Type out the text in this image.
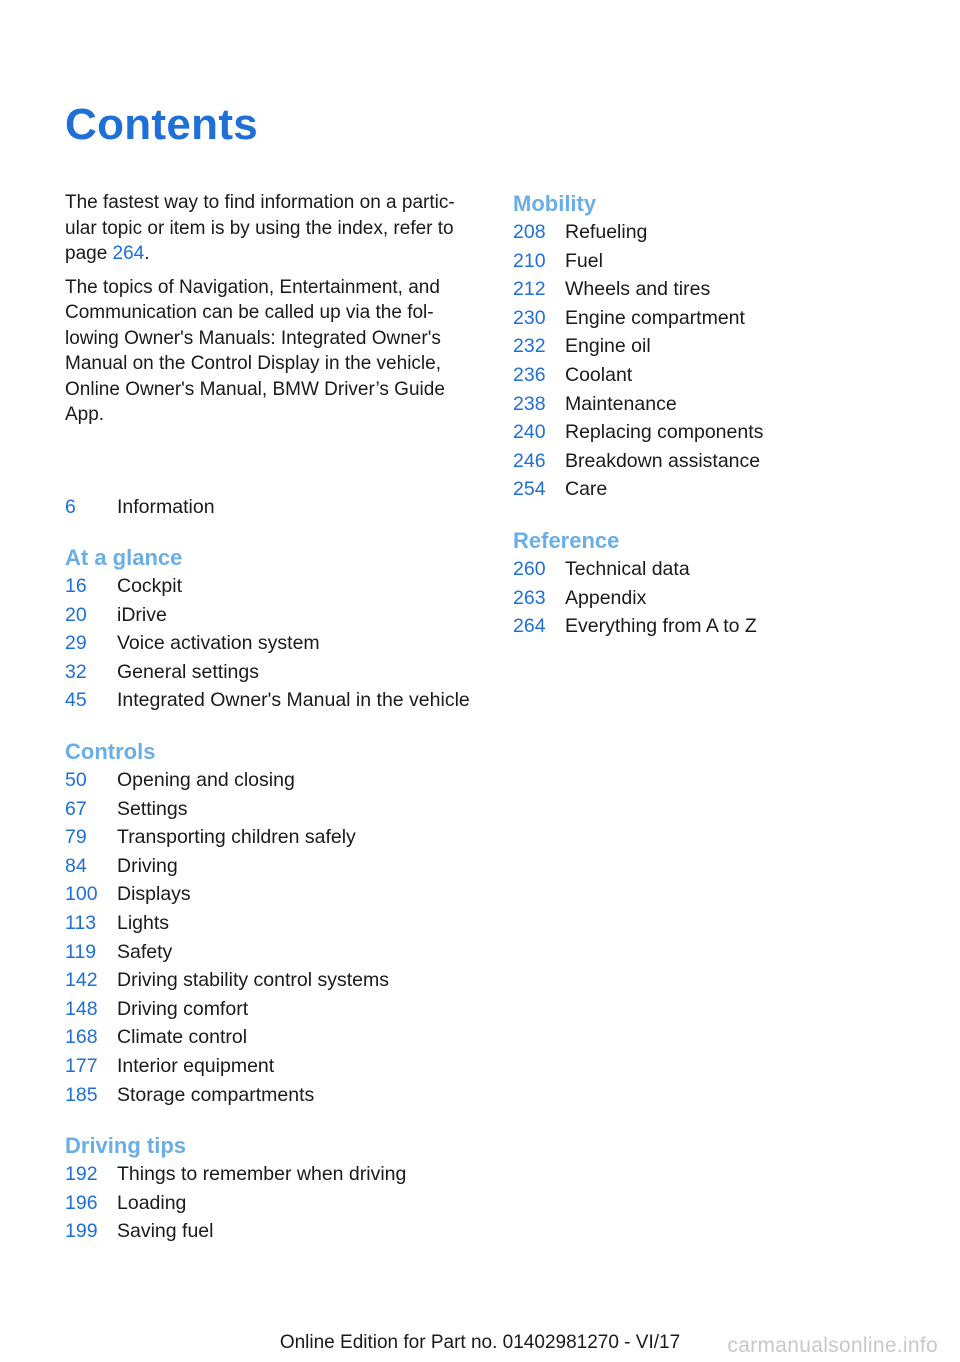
Contents

The fastest way to find information on a particular topic or item is by using the index, refer to page 264.

The topics of Navigation, Entertainment, and Communication can be called up via the following Owner's Manuals: Integrated Owner's Manual on the Control Display in the vehicle, Online Owner's Manual, BMW Driver’s Guide App.

6	Information
At a glance
16	Cockpit
20	iDrive
29	Voice activation system
32	General settings
45	Integrated Owner's Manual in the vehicle
Controls
50	Opening and closing
67	Settings
79	Transporting children safely
84	Driving
100 Displays
113	Lights
119	Safety
142 Driving stability control systems
148 Driving comfort
168 Climate control
177 Interior equipment
185 Storage compartments
Driving tips
192 Things to remember when driving
196 Loading
199 Saving fuel
Mobility
208 Refueling
210 Fuel
212 Wheels and tires
230 Engine compartment
232 Engine oil
236 Coolant
238 Maintenance
240 Replacing components
246 Breakdown assistance
254 Care
Reference
260 Technical data
263 Appendix
264 Everything from A to Z
Online Edition for Part no. 01402981270 - VI/17	carmanualsonline.info
